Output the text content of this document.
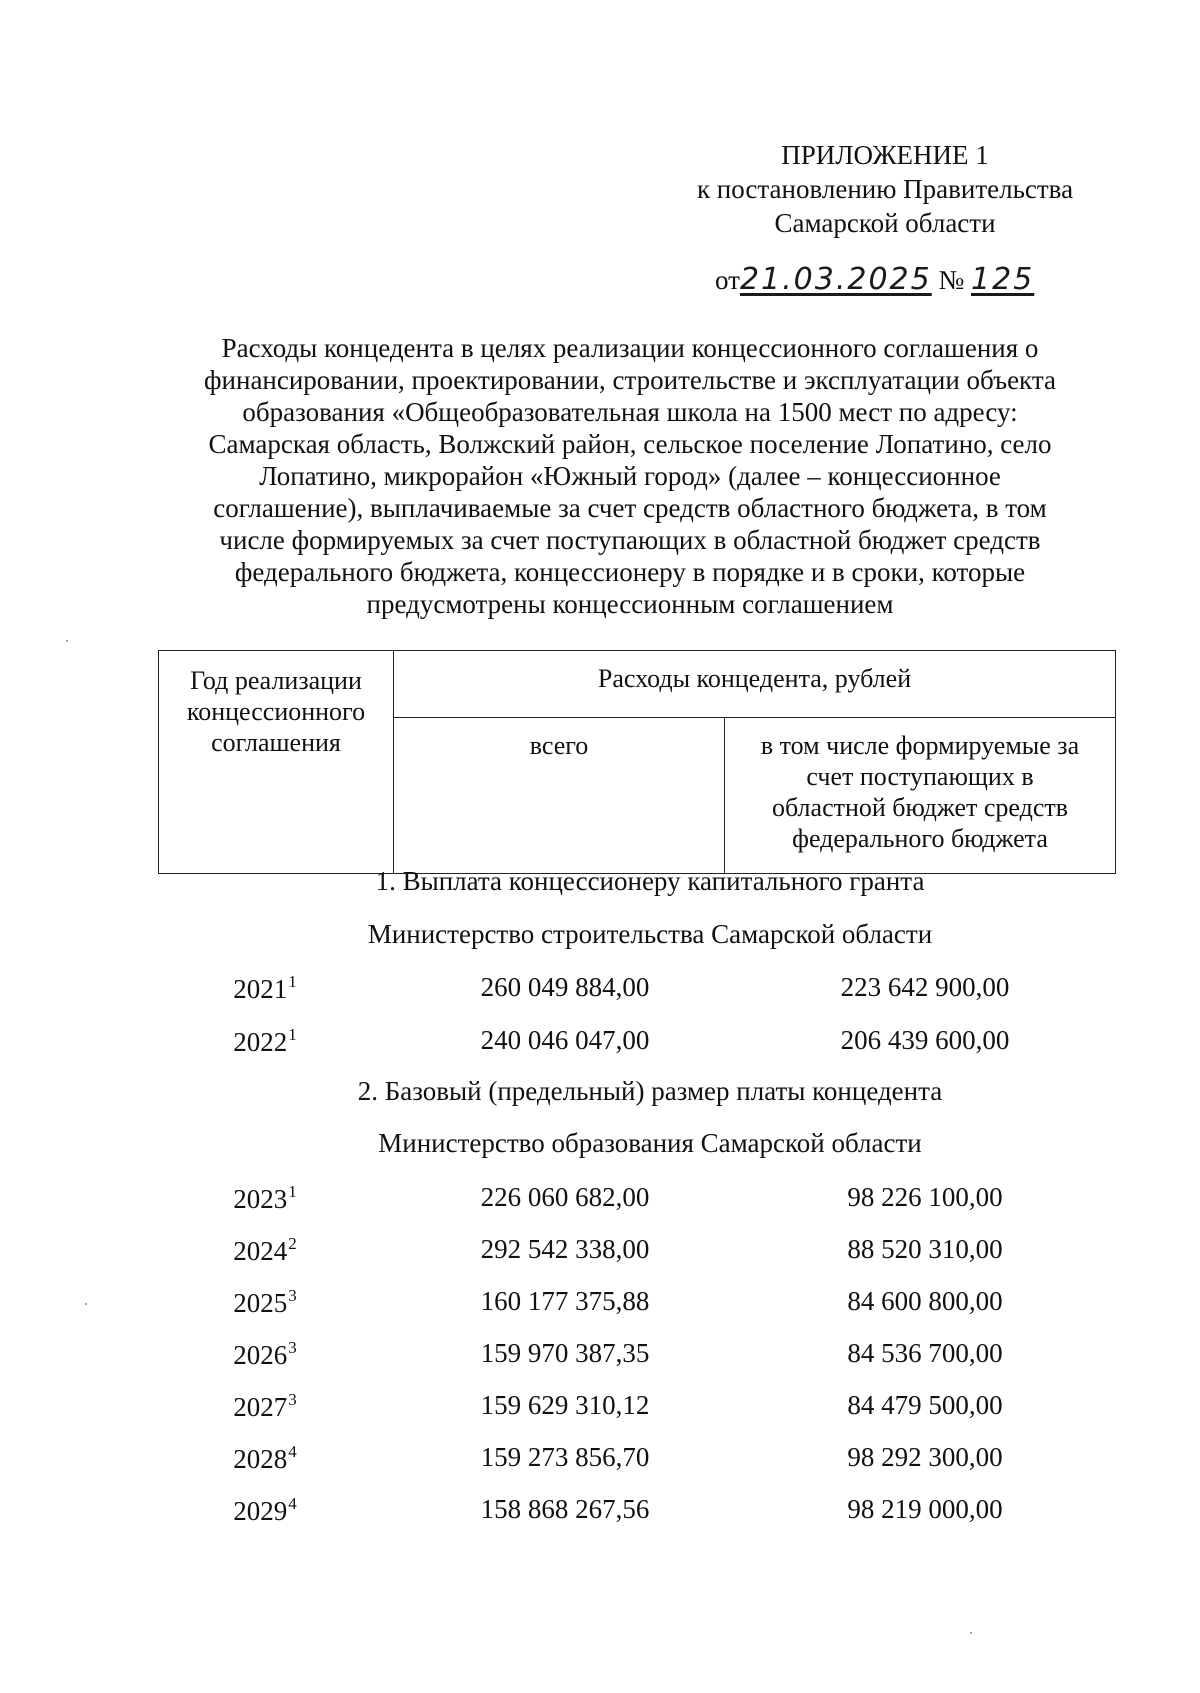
ПРИЛОЖЕНИЕ 1
к постановлению Правительства
Самарской области
от21.03.2025 № 125
Расходы концедента в целях реализации концессионного соглашения о
финансировании, проектировании, строительстве и эксплуатации объекта
образования «Общеобразовательная школа на 1500 мест по адресу:
Самарская область, Волжский район, сельское поселение Лопатино, село
Лопатино, микрорайон «Южный город» (далее – концессионное
соглашение), выплачиваемые за счет средств областного бюджета, в том
числе формируемых за счет поступающих в областной бюджет средств
федерального бюджета, концессионеру в порядке и в сроки, которые
предусмотрены концессионным соглашением
Год реализации
концессионного
соглашения	Расходы концедента, рублей	
	всего	в том числе формируемые за
счет поступающих в
областной бюджет средств
федерального бюджета
1. Выплата концессионеру капитального гранта
Министерство строительства Самарской области
2021$^1$	260 049 884,00	223 642 900,00
2022$^1$	240 046 047,00	206 439 600,00
2. Базовый (предельный) размер платы концедента
Министерство образования Самарской области
2023$^1$	226 060 682,00	98 226 100,00
2024$^2$	292 542 338,00	88 520 310,00
2025$^3$	160 177 375,88	84 600 800,00
2026$^3$	159 970 387,35	84 536 700,00
2027$^3$	159 629 310,12	84 479 500,00
2028$^4$	159 273 856,70	98 292 300,00
2029$^4$	158 868 267,56	98 219 000,00
